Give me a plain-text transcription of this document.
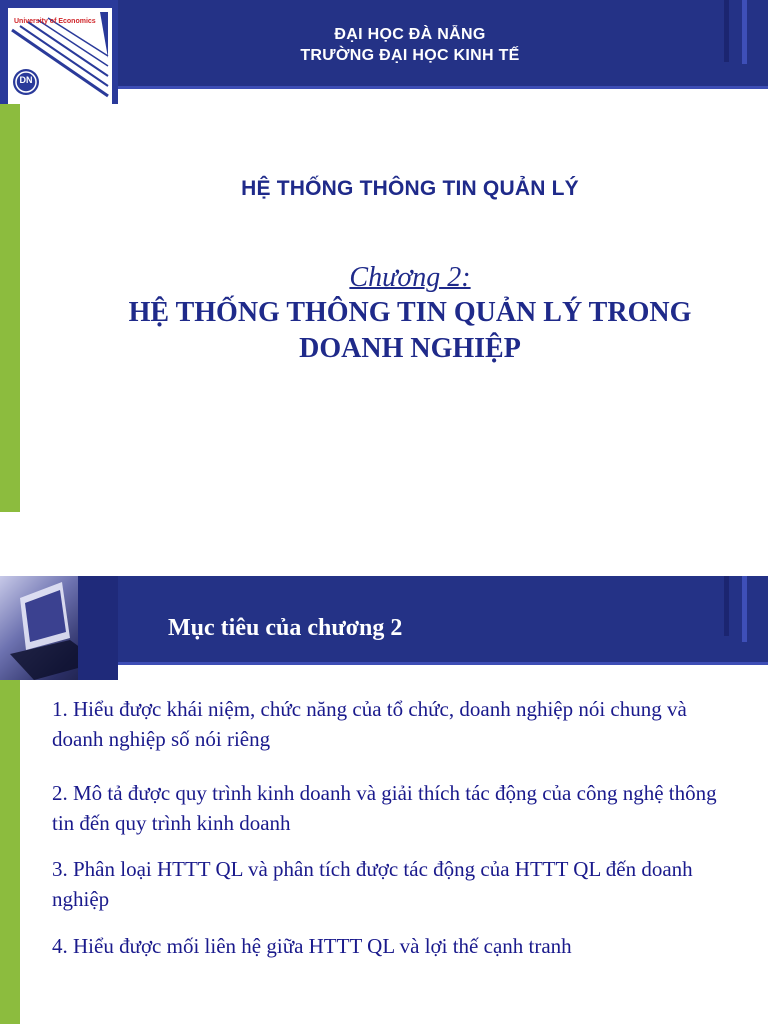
ĐẠI HỌC ĐÀ NẴNG
TRƯỜNG ĐẠI HỌC KINH TẾ
University of Economics
DN
HỆ THỐNG THÔNG TIN QUẢN LÝ
Chương 2:
HỆ THỐNG THÔNG TIN QUẢN LÝ TRONG
DOANH NGHIỆP
Mục tiêu của chương 2
1. Hiểu được khái niệm, chức năng của tổ chức, doanh nghiệp nói chung và doanh nghiệp số nói riêng
2. Mô tả được quy trình kinh doanh và giải thích tác động của công nghệ thông tin đến quy trình kinh doanh
3. Phân loại HTTT QL và phân tích được tác động của HTTT QL đến doanh nghiệp
4. Hiểu được mối liên hệ giữa HTTT QL và lợi thế cạnh tranh
